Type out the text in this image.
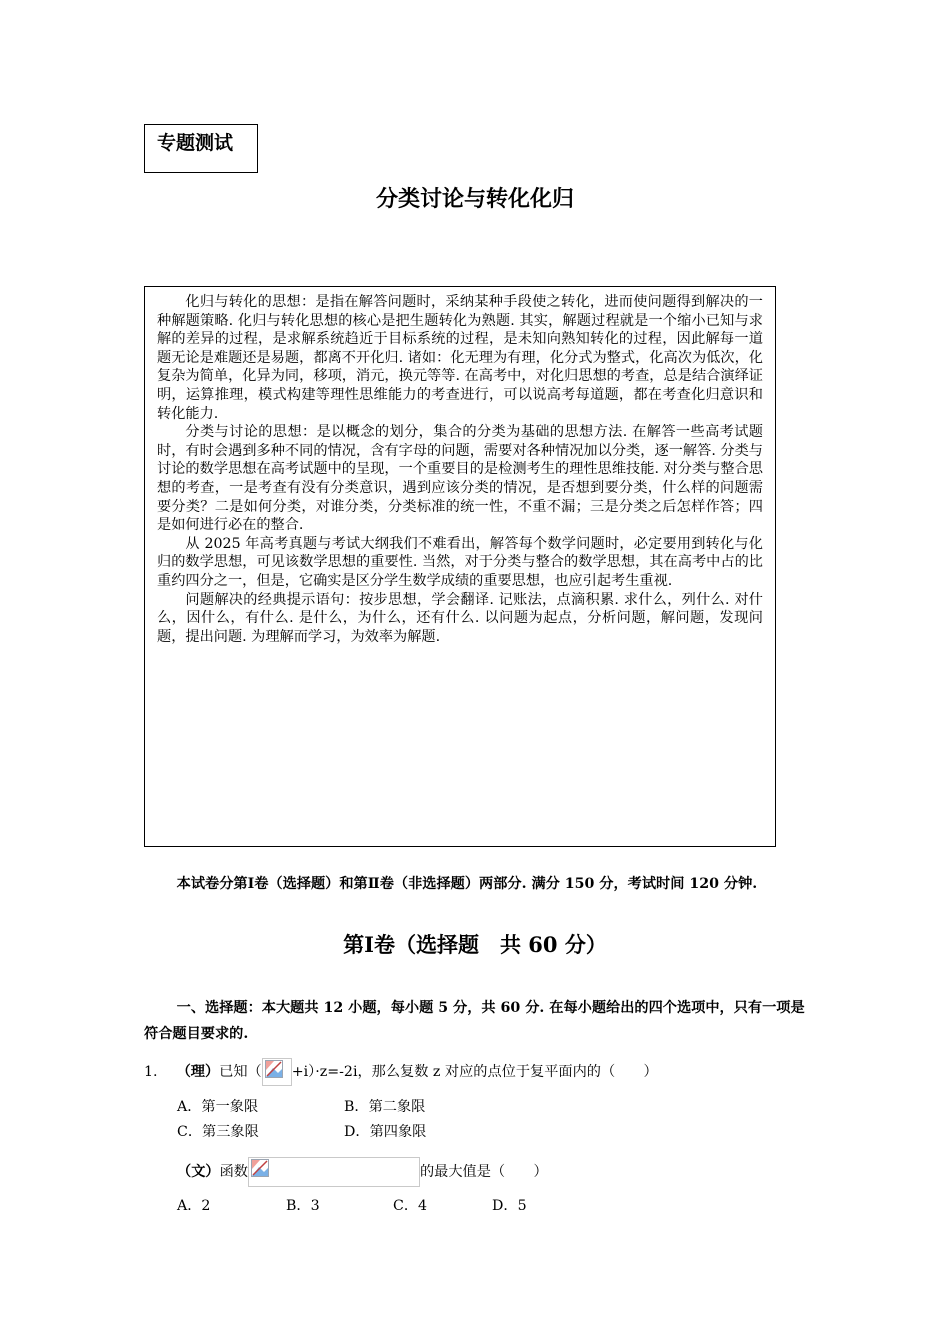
专题测试
分类讨论与转化化归

化归与转化的思想：是指在解答问题时，采纳某种手段使之转化，进而使问题得到解决的一种解题策略. 化归与转化思想的核心是把生题转化为熟题. 其实，解题过程就是一个缩小已知与求解的差异的过程，是求解系统趋近于目标系统的过程，是未知向熟知转化的过程，因此解每一道题无论是难题还是易题，都离不开化归. 诸如：化无理为有理，化分式为整式，化高次为低次，化复杂为简单，化异为同，移项，消元，换元等等. 在高考中，对化归思想的考查，总是结合演绎证明，运算推理，模式构建等理性思维能力的考查进行，可以说高考每道题，都在考查化归意识和转化能力.

分类与讨论的思想：是以概念的划分，集合的分类为基础的思想方法. 在解答一些高考试题时，有时会遇到多种不同的情况，含有字母的问题，需要对各种情况加以分类，逐一解答. 分类与讨论的数学思想在高考试题中的呈现，一个重要目的是检测考生的理性思维技能. 对分类与整合思想的考查，一是考查有没有分类意识，遇到应该分类的情况，是否想到要分类，什么样的问题需要分类？二是如何分类，对谁分类，分类标准的统一性，不重不漏；三是分类之后怎样作答；四是如何进行必在的整合.

从 2025 年高考真题与考试大纲我们不难看出，解答每个数学问题时，必定要用到转化与化归的数学思想，可见该数学思想的重要性. 当然，对于分类与整合的数学思想，其在高考中占的比重约四分之一，但是，它确实是区分学生数学成绩的重要思想，也应引起考生重视.

问题解决的经典提示语句：按步思想，学会翻译. 记账法，点滴积累. 求什么，列什么. 对什么，因什么，有什么. 是什么，为什么，还有什么. 以问题为起点，分析问题，解问题，发现问题，提出问题. 为理解而学习，为效率为解题.

本试卷分第Ⅰ卷（选择题）和第Ⅱ卷（非选择题）两部分. 满分 150 分，考试时间 120 分钟.
第Ⅰ卷（选择题　共 60 分）
一、选择题：本大题共 12 小题，每小题 5 分，共 60 分. 在每小题给出的四个选项中，只有一项是符合题目要求的.
1. （理）已知（ +i）·z=-2i，那么复数 z 对应的点位于复平面内的（　　）
A．第一象限	B．第二象限
C．第三象限	D．第四象限
（文）函数	的最大值是（　　）
A．2	B．3	C．4	D．5
